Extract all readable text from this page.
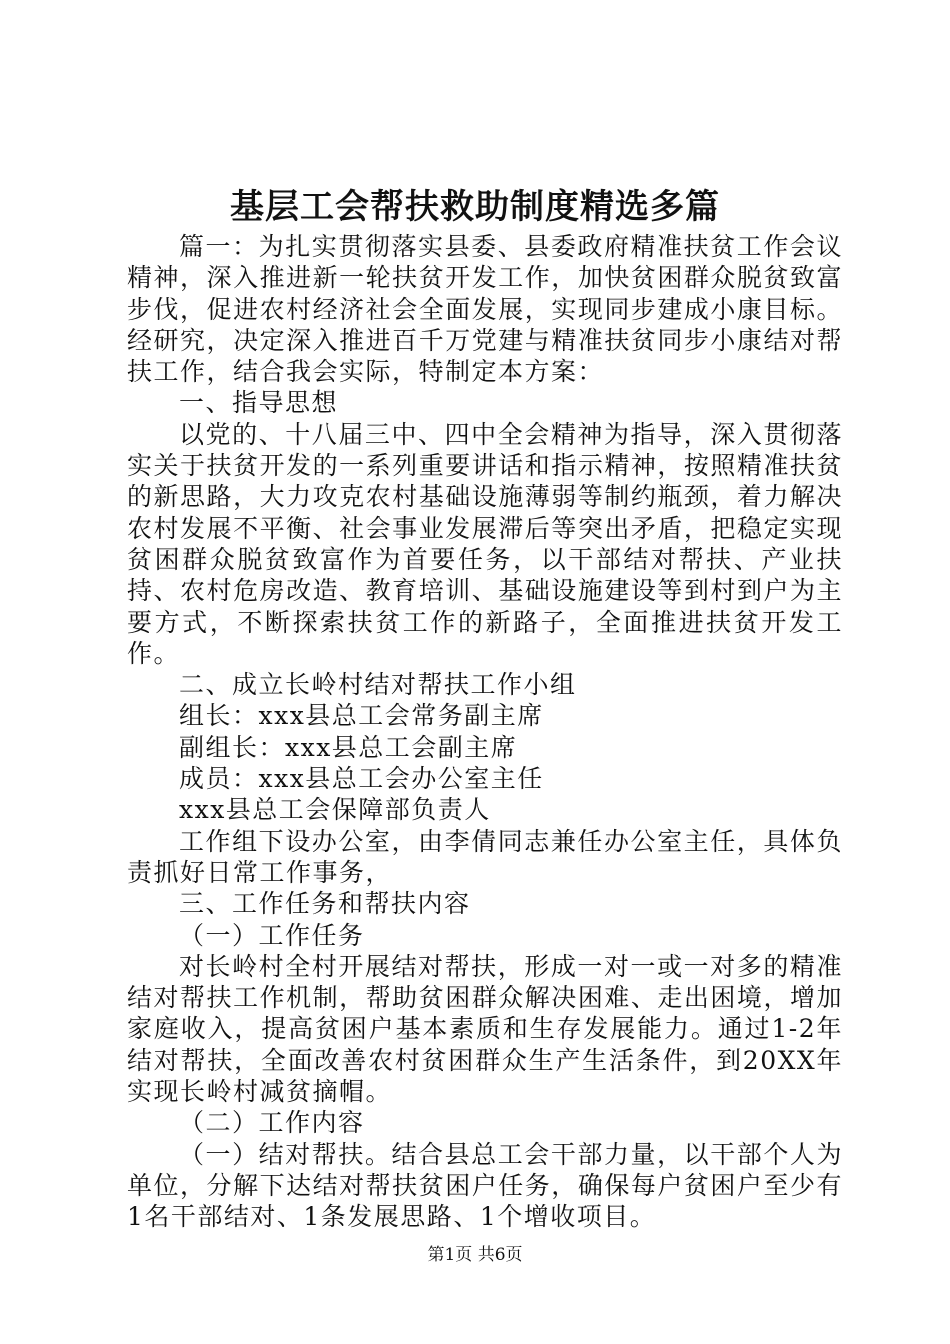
基层工会帮扶救助制度精选多篇

篇一：为扎实贯彻落实县委、县委政府精准扶贫工作会议精神，深入推进新一轮扶贫开发工作，加快贫困群众脱贫致富步伐，促进农村经济社会全面发展，实现同步建成小康目标。经研究，决定深入推进百千万党建与精准扶贫同步小康结对帮扶工作，结合我会实际，特制定本方案：

一、指导思想

以党的、十八届三中、四中全会精神为指导，深入贯彻落实关于扶贫开发的一系列重要讲话和指示精神，按照精准扶贫的新思路，大力攻克农村基础设施薄弱等制约瓶颈，着力解决农村发展不平衡、社会事业发展滞后等突出矛盾，把稳定实现贫困群众脱贫致富作为首要任务，以干部结对帮扶、产业扶持、农村危房改造、教育培训、基础设施建设等到村到户为主要方式，不断探索扶贫工作的新路子，全面推进扶贫开发工作。

二、成立长岭村结对帮扶工作小组

组长：xxx县总工会常务副主席

副组长：xxx县总工会副主席

成员：xxx县总工会办公室主任

xxx县总工会保障部负责人

工作组下设办公室，由李倩同志兼任办公室主任，具体负责抓好日常工作事务，

三、工作任务和帮扶内容

（一）工作任务

对长岭村全村开展结对帮扶，形成一对一或一对多的精准结对帮扶工作机制，帮助贫困群众解决困难、走出困境，增加家庭收入，提高贫困户基本素质和生存发展能力。通过1-2年结对帮扶，全面改善农村贫困群众生产生活条件，到20XX年实现长岭村减贫摘帽。

（二）工作内容

（一）结对帮扶。结合县总工会干部力量，以干部个人为单位，分解下达结对帮扶贫困户任务，确保每户贫困户至少有1名干部结对、1条发展思路、1个增收项目。

第1页 共6页
